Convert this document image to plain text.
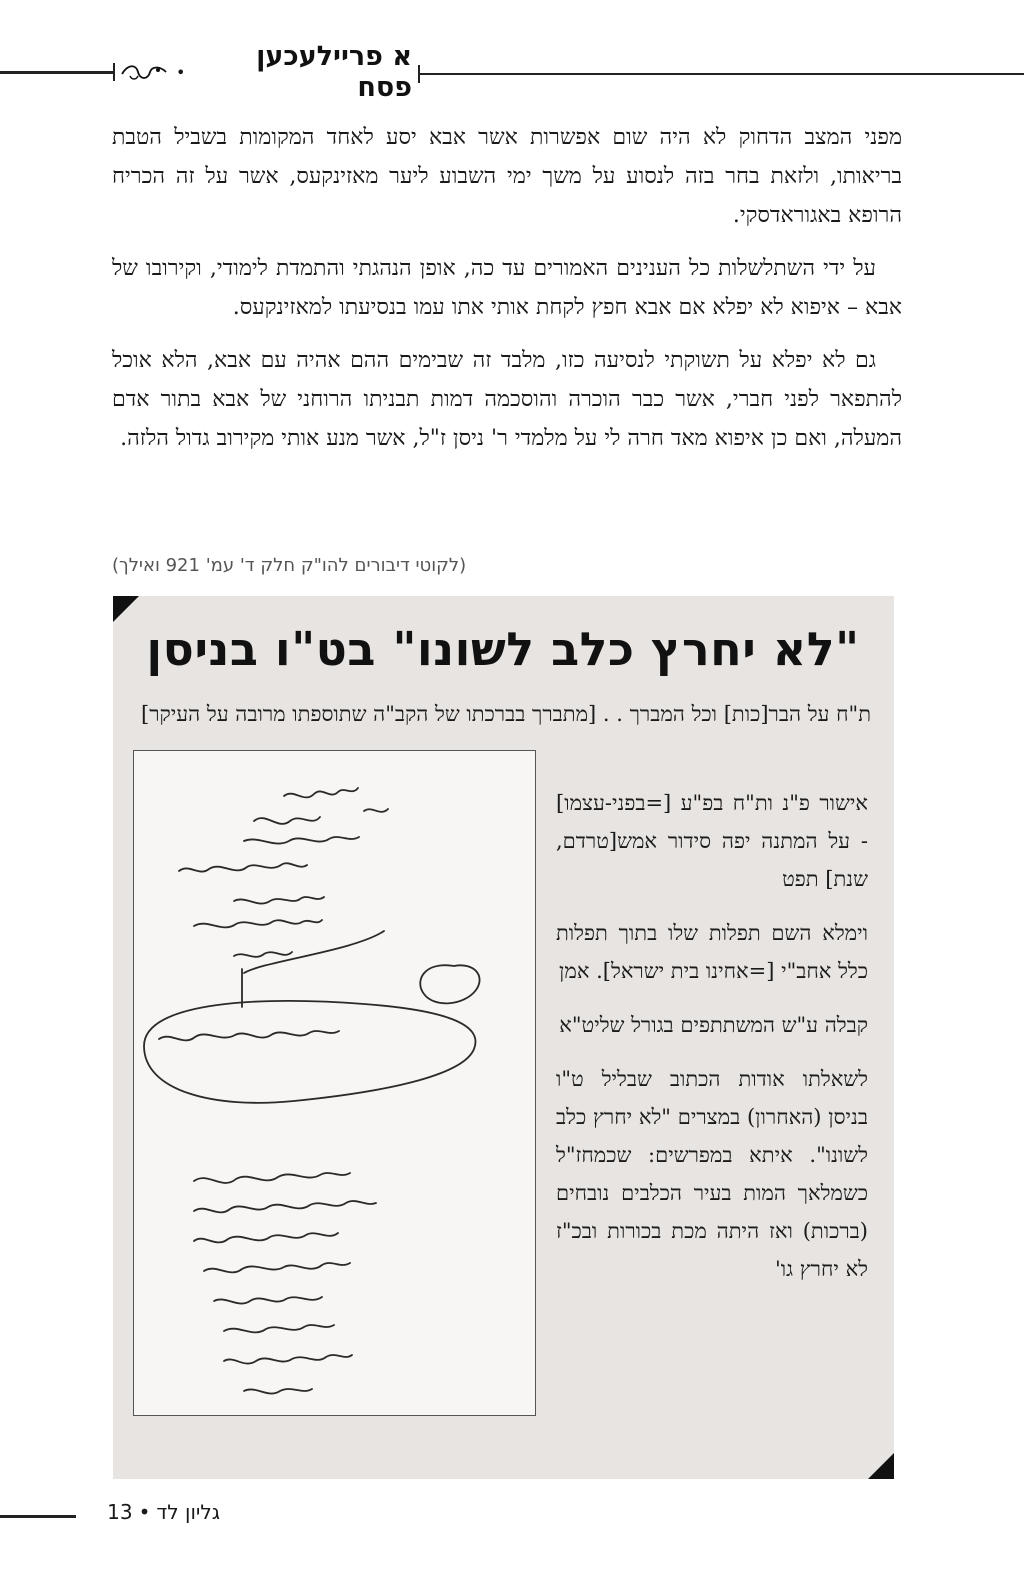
א פריילעכען פסח
•

מפני המצב הדחוק לא היה שום אפשרות אשר אבא יסע לאחד המקומות בשביל הטבת בריאותו, ולזאת בחר בזה לנסוע על משך ימי השבוע ליער מאזינקעס, אשר על זה הכריח הרופא באגוראדסקי.

על ידי השתלשלות כל הענינים האמורים עד כה, אופן הנהגתי והתמדת לימודי, וקירובו של אבא – איפוא לא יפלא אם אבא חפץ לקחת אותי אתו עמו בנסיעתו למאזינקעס.

גם לא יפלא על תשוקתי לנסיעה כזו, מלבד זה שבימים ההם אהיה עם אבא, הלא אוכל להתפאר לפני חברי, אשר כבר הוכרה והוסכמה דמות תבניתו הרוחני של אבא בתור אדם המעלה, ואם כן איפוא מאד חרה לי על מלמדי ר' ניסן ז"ל, אשר מנע אותי מקירוב גדול הלזה.

(לקוטי דיבורים להו"ק חלק ד' עמ' 921 ואילך)
"לא יחרץ כלב לשונו" בט"ו בניסן
ת"ח על הבר[כות] וכל המברך . . [מתברך בברכתו של הקב"ה שתוספתו מרובה על העיקר]

אישור פ"נ ות"ח בפ"ע [=בפני-עצמו] - על המתנה יפה סידור אמש[טרדם, שנת] תפט

וימלא השם תפלות שלו בתוך תפלות כלל אחב"י [=אחינו בית ישראל]. אמן

קבלה ע"ש המשתתפים בגורל שליט"א

לשאלתו אודות הכתוב שבליל ט"ו בניסן (האחרון) במצרים "לא יחרץ כלב לשונו". איתא במפרשים: שכמחז"ל כשמלאך המות בעיר הכלבים נובחים (ברכות) ואז היתה מכת בכורות ובכ"ז לא יחרץ גו'

13 • גליון לד
